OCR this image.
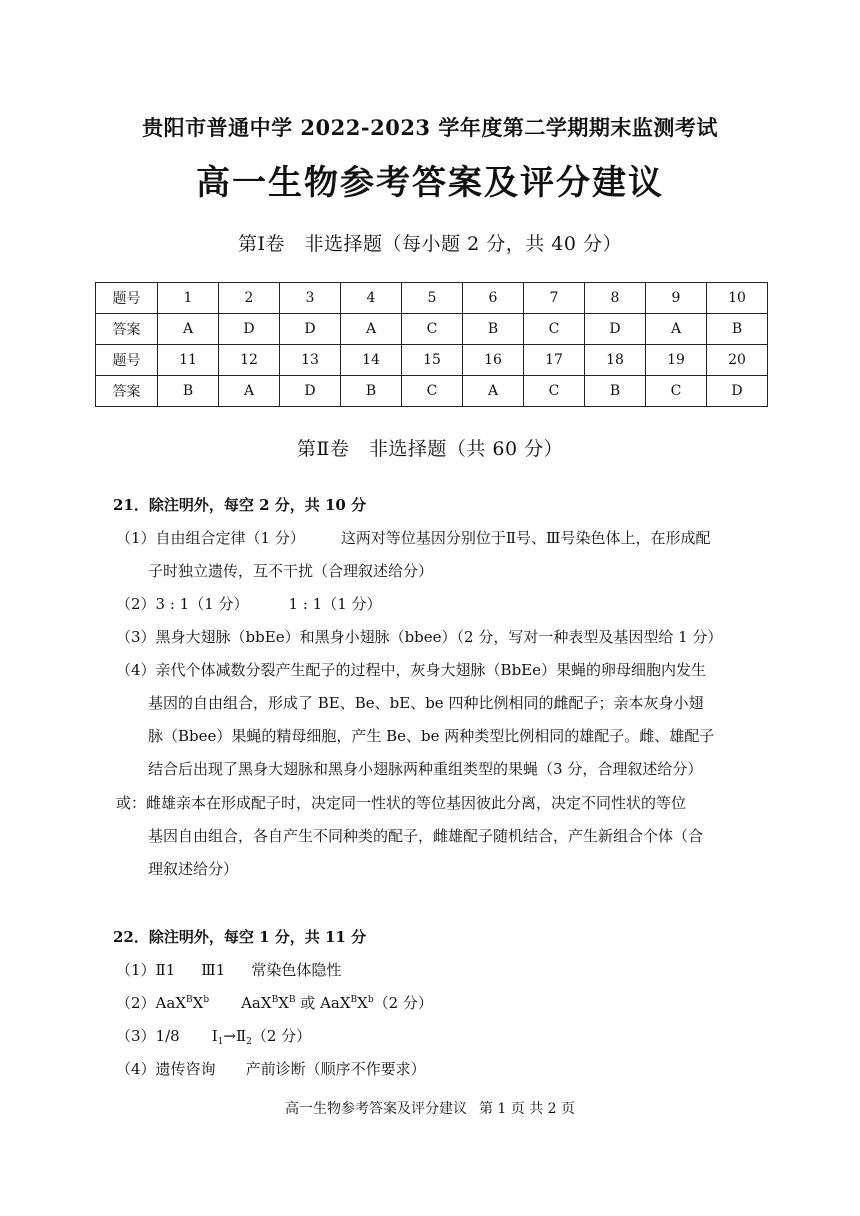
贵阳市普通中学 2022-2023 学年度第二学期期末监测考试
高一生物参考答案及评分建议
第Ⅰ卷　非选择题（每小题 2 分，共 40 分）
题号	1	2	3	4	5	6	7	8	9	10
答案	A	D	D	A	C	B	C	D	A	B
题号	11	12	13	14	15	16	17	18	19	20
答案	B	A	D	B	C	A	C	B	C	D
第Ⅱ卷　非选择题（共 60 分）
21．除注明外，每空 2 分，共 10 分
（1）自由组合定律（1 分） 这两对等位基因分别位于Ⅱ号、Ⅲ号染色体上，在形成配
子时独立遗传，互不干扰（合理叙述给分）
（2）3 : 1（1 分）	1 : 1（1 分）
（3）黑身大翅脉（bbEe）和黑身小翅脉（bbee）（2 分，写对一种表型及基因型给 1 分）
（4）亲代个体减数分裂产生配子的过程中，灰身大翅脉（BbEe）果蝇的卵母细胞内发生
基因的自由组合，形成了 BE、Be、bE、be 四种比例相同的雌配子；亲本灰身小翅
脉（Bbee）果蝇的精母细胞，产生 Be、be 两种类型比例相同的雄配子。雌、雄配子
结合后出现了黑身大翅脉和黑身小翅脉两种重组类型的果蝇（3 分，合理叙述给分）
或：雌雄亲本在形成配子时，决定同一性状的等位基因彼此分离，决定不同性状的等位
基因自由组合，各自产生不同种类的配子，雌雄配子随机结合，产生新组合个体（合
理叙述给分）
22．除注明外，每空 1 分，共 11 分
（1）Ⅱ1 Ⅲ1 常染色体隐性
$(2)AaX^BX^b$ $AaX^BX^B$ 或 $AaX^BX^b(2$ 分）
（3）1/8 $Ⅰ_1\to Ⅱ_2(2$ 分）
（4）遗传咨询 产前诊断（顺序不作要求）
高一生物参考答案及评分建议 第 1 页 共 2 页
